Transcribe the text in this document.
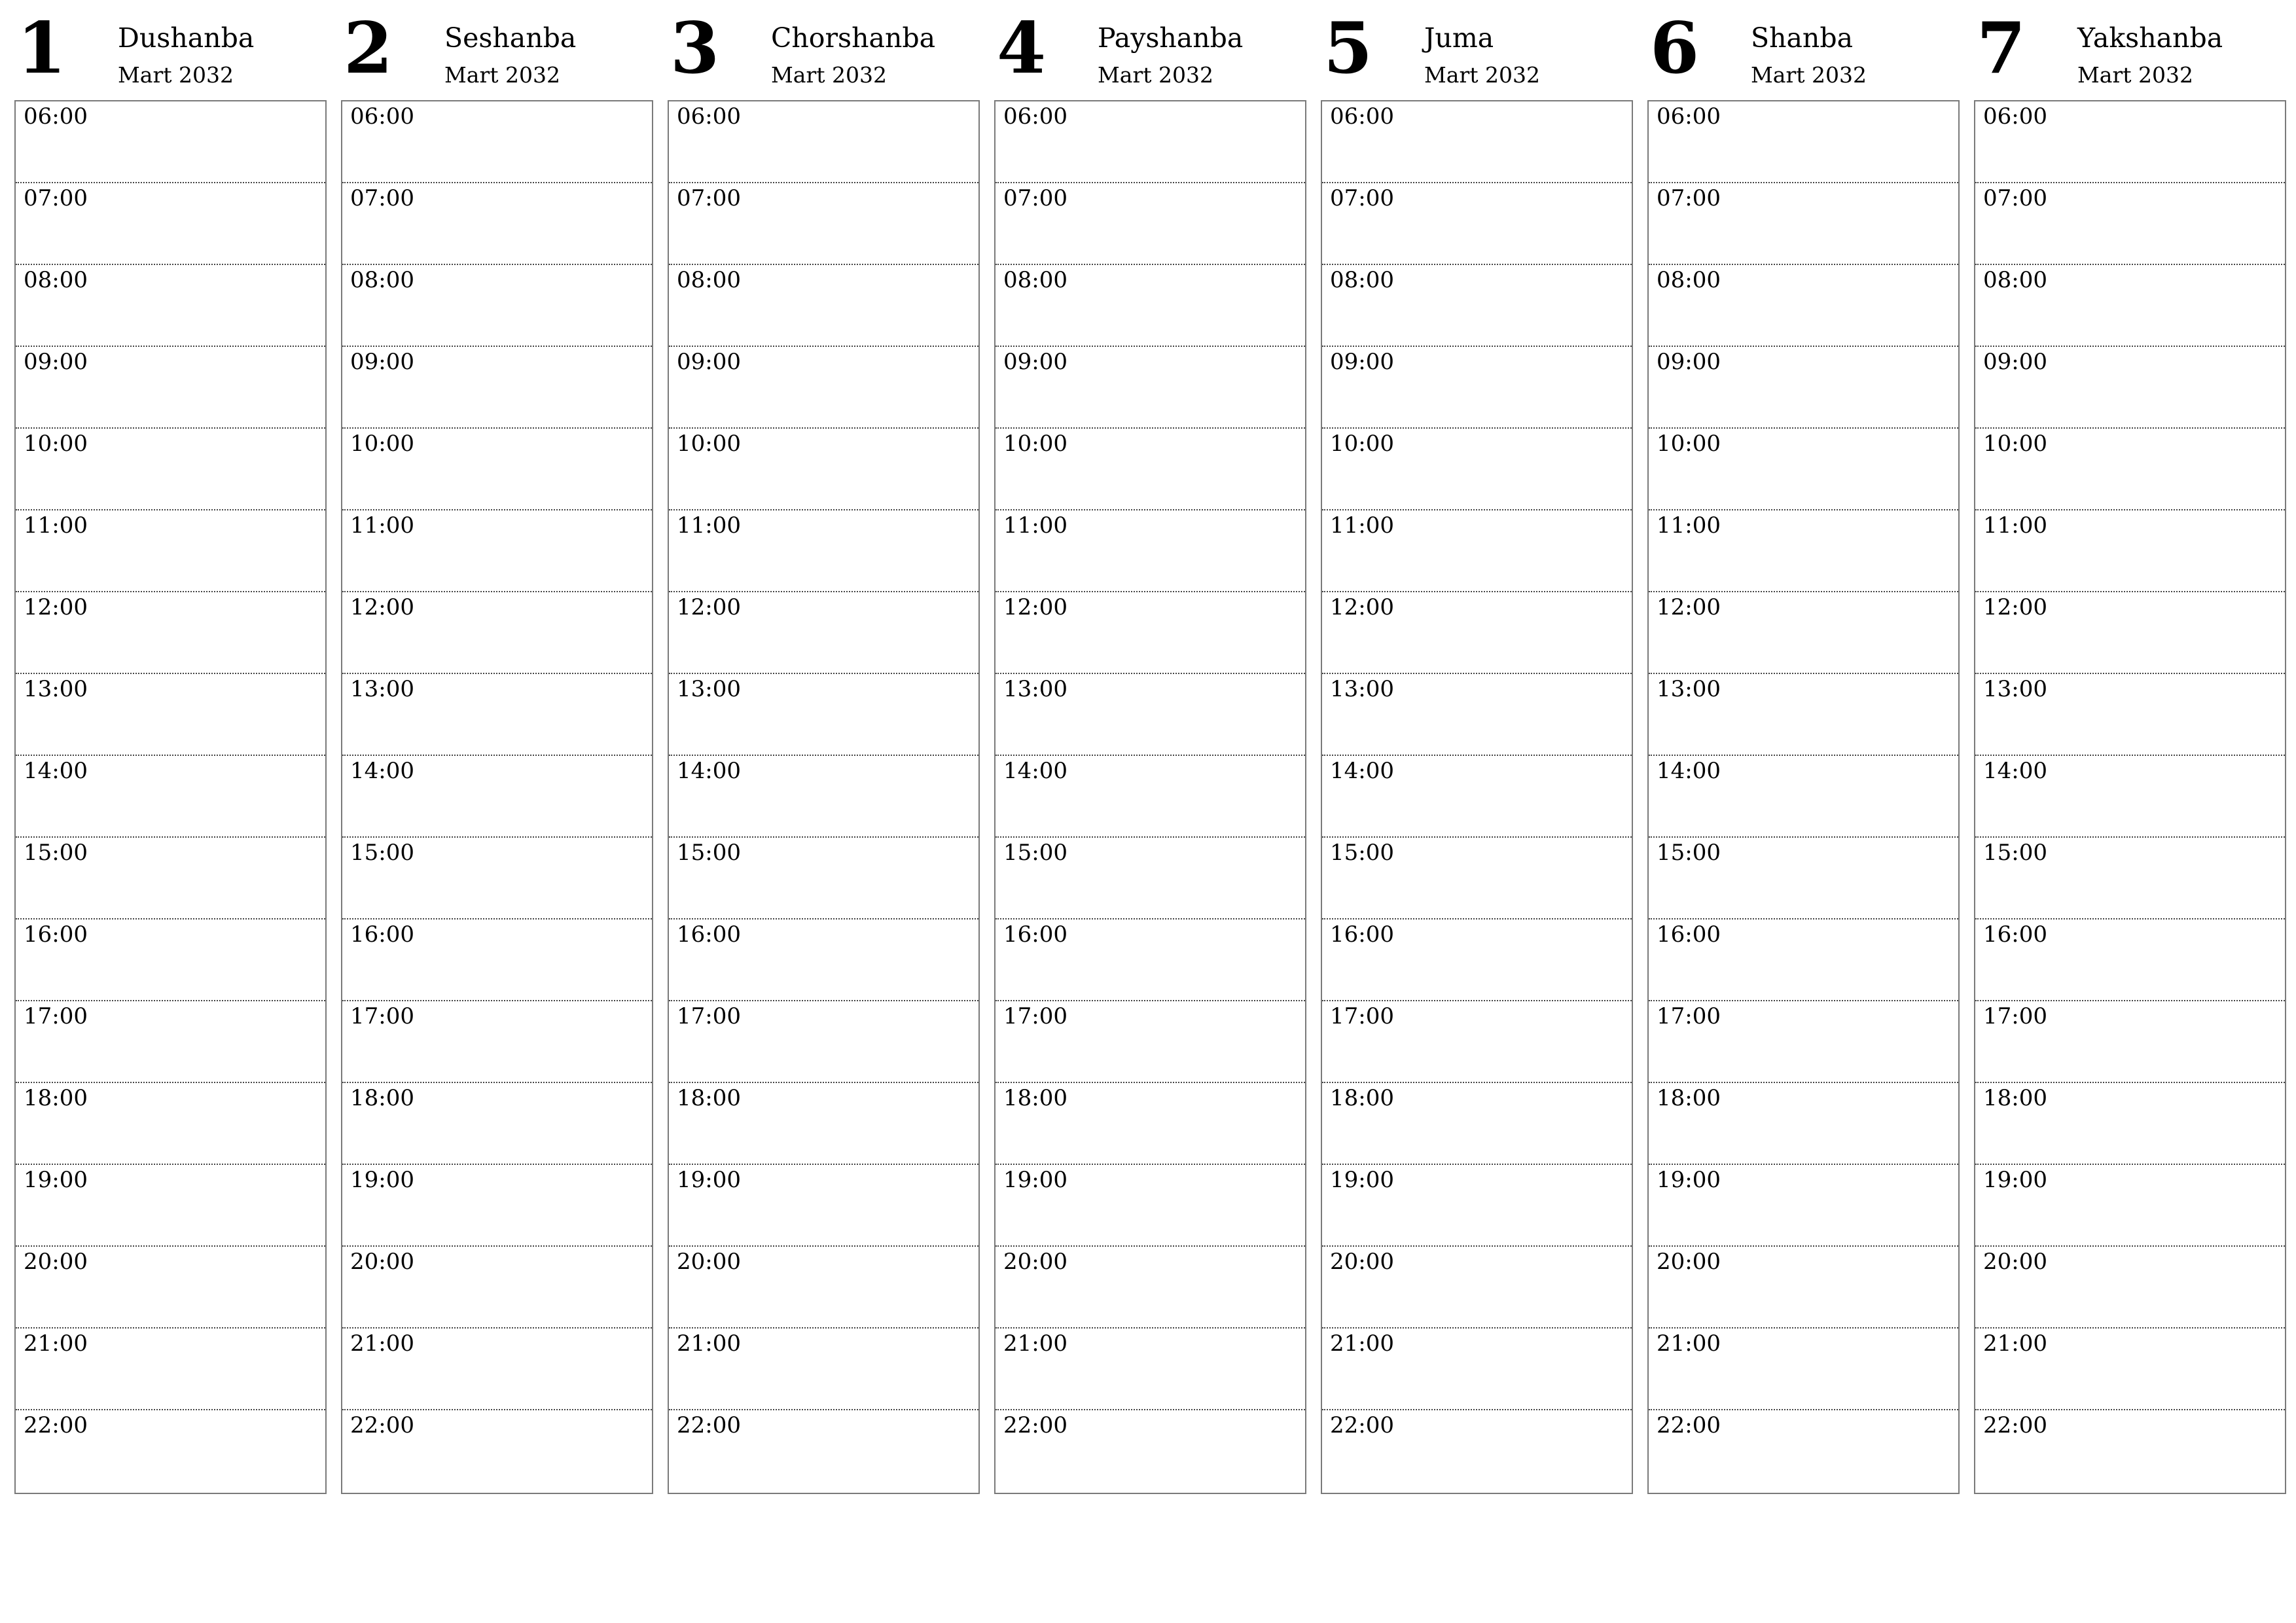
1 Dushanba
Mart 2032
06:00
07:00
08:00
09:00
10:00
11:00
12:00
13:00
14:00
15:00
16:00
17:00
18:00
19:00
20:00
21:00
22:00
2 Seshanba
Mart 2032
06:00
07:00
08:00
09:00
10:00
11:00
12:00
13:00
14:00
15:00
16:00
17:00
18:00
19:00
20:00
21:00
22:00
3 Chorshanba
Mart 2032
06:00
07:00
08:00
09:00
10:00
11:00
12:00
13:00
14:00
15:00
16:00
17:00
18:00
19:00
20:00
21:00
22:00
4 Payshanba
Mart 2032
06:00
07:00
08:00
09:00
10:00
11:00
12:00
13:00
14:00
15:00
16:00
17:00
18:00
19:00
20:00
21:00
22:00
5 Juma
Mart 2032
06:00
07:00
08:00
09:00
10:00
11:00
12:00
13:00
14:00
15:00
16:00
17:00
18:00
19:00
20:00
21:00
22:00
6 Shanba
Mart 2032
06:00
07:00
08:00
09:00
10:00
11:00
12:00
13:00
14:00
15:00
16:00
17:00
18:00
19:00
20:00
21:00
22:00
7 Yakshanba
Mart 2032
06:00
07:00
08:00
09:00
10:00
11:00
12:00
13:00
14:00
15:00
16:00
17:00
18:00
19:00
20:00
21:00
22:00
